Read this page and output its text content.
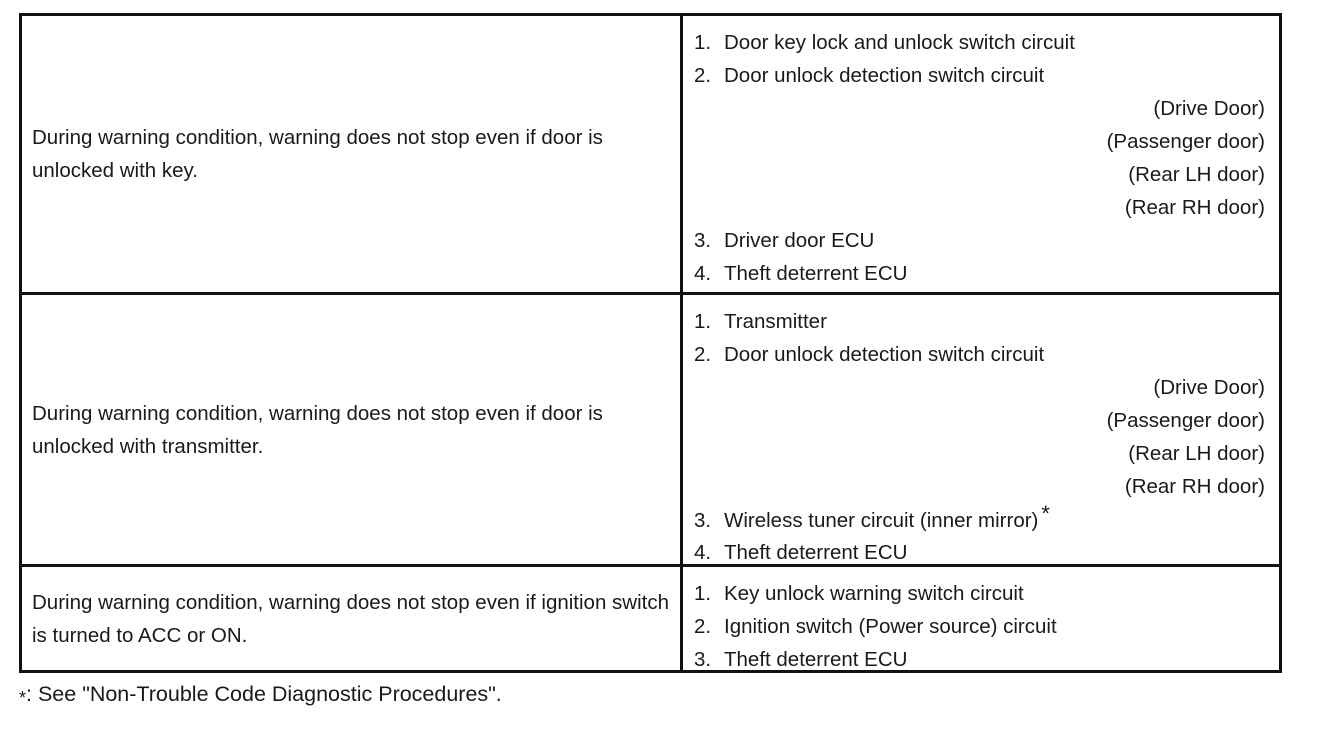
During warning condition, warning does not stop even if door is unlocked with key.
1. Door key lock and unlock switch circuit
2. Door unlock detection switch circuit
(Drive Door)
(Passenger door)
(Rear LH door)
(Rear RH door)
3. Driver door ECU
4. Theft deterrent ECU
During warning condition, warning does not stop even if door is unlocked with transmitter.
1. Transmitter
2. Door unlock detection switch circuit
(Drive Door)
(Passenger door)
(Rear LH door)
(Rear RH door)
3. Wireless tuner circuit (inner mirror) *
4. Theft deterrent ECU
During warning condition, warning does not stop even if ignition switch is turned to ACC or ON.
1. Key unlock warning switch circuit
2. Ignition switch (Power source) circuit
3. Theft deterrent ECU
*: See "Non-Trouble Code Diagnostic Procedures".
